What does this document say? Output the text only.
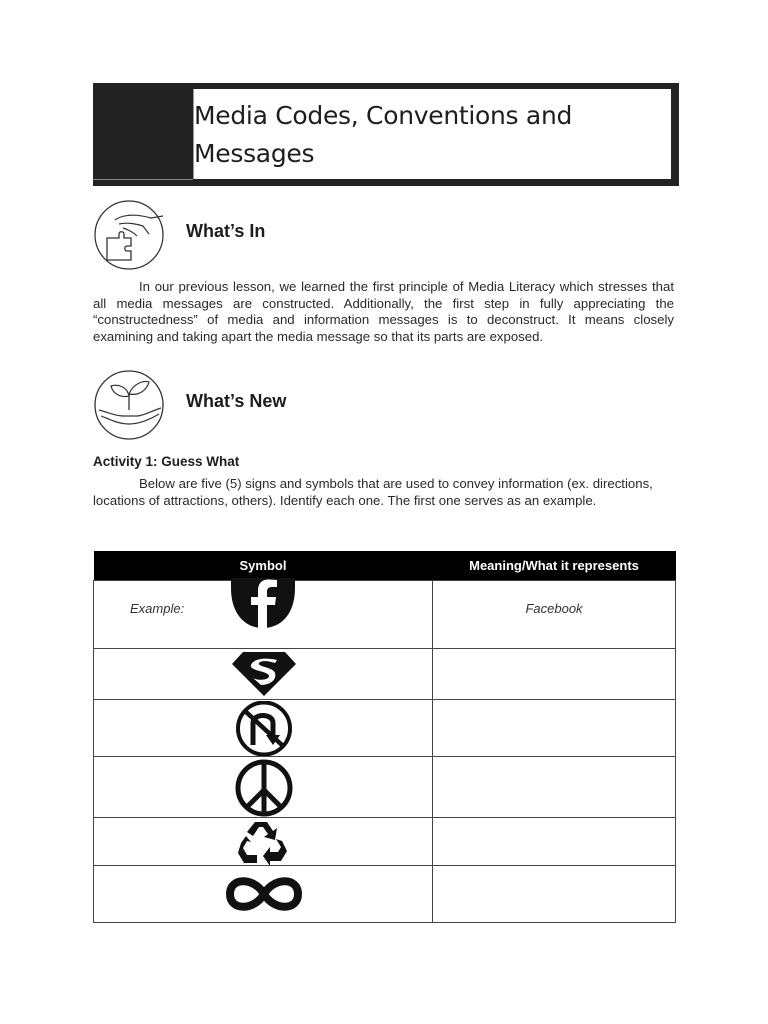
Media Codes, Conventions and
Messages
What’s In
In our previous lesson, we learned the first principle of Media Literacy which stresses that all media messages are constructed. Additionally, the first step in fully appreciating the “constructedness” of media and information messages is to deconstruct. It means closely examining and taking apart the media message so that its parts are exposed.
What’s New
Activity 1: Guess What
Below are five (5) signs and symbols that are used to convey information (ex. directions, locations of attractions, others). Identify each one. The first one serves as an example.
Symbol	Meaning/What it represents

Example:	Facebook
